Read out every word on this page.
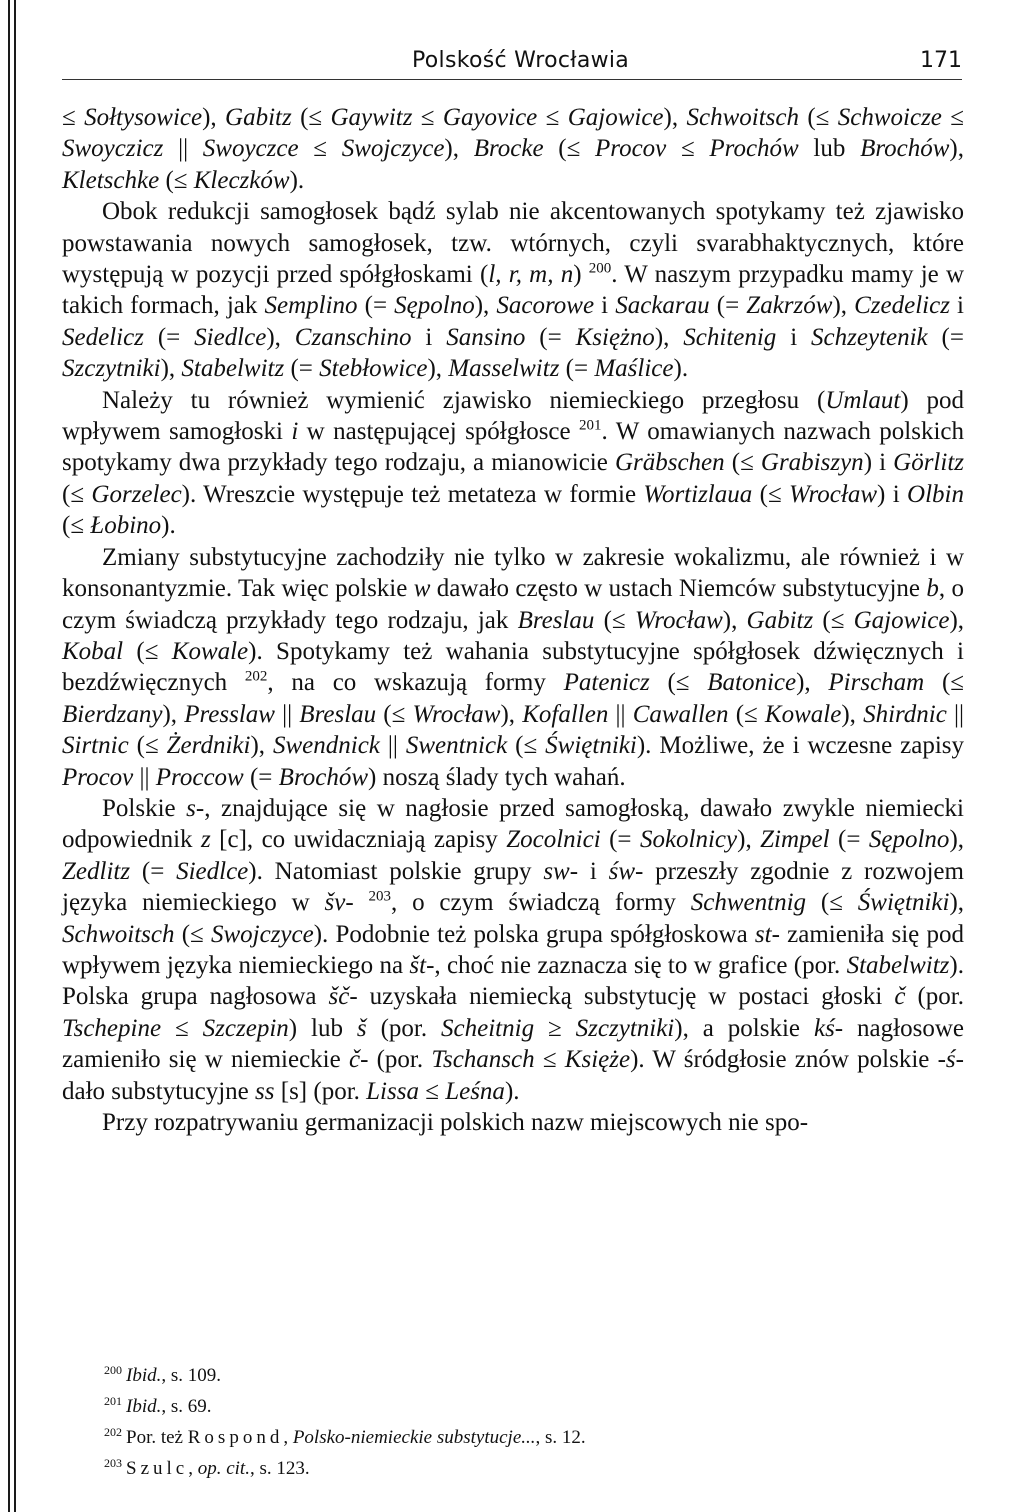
Polskość Wrocławia	171

≤ Sołtysowice), Gabitz (≤ Gaywitz ≤ Gayovice ≤ Gajowice), Schwoitsch (≤ Schwoicze ≤ Swoyczicz || Swoyczce ≤ Swojczyce), Brocke (≤ Procov ≤ Prochów lub Brochów), Kletschke (≤ Kleczków).

Obok redukcji samogłosek bądź sylab nie akcentowanych spotykamy też zjawisko powstawania nowych samogłosek, tzw. wtórnych, czyli svarabhaktycznych, które występują w pozycji przed spółgłoskami (l, r, m, n) $^{200}$. W naszym przypadku mamy je w takich formach, jak Semplino (= Sępolno), Sacorowe i Sackarau (= Zakrzów), Czedelicz i Sedelicz (= Siedlce), Czanschino i Sansino (= Księżno), Schitenig i Schzeytenik (= Szczytniki), Stabelwitz (= Stebłowice), Masselwitz (= Maślice).

Należy tu również wymienić zjawisko niemieckiego przegłosu (Umlaut) pod wpływem samogłoski i w następującej spółgłosce $^{201}$. W omawianych nazwach polskich spotykamy dwa przykłady tego rodzaju, a mianowicie Gräbschen (≤ Grabiszyn) i Görlitz (≤ Gorzelec). Wreszcie występuje też metateza w formie Wortizlaua (≤ Wrocław) i Olbin (≤ Łobino).

Zmiany substytucyjne zachodziły nie tylko w zakresie wokalizmu, ale również i w konsonantyzmie. Tak więc polskie w dawało często w ustach Niemców substytucyjne b, o czym świadczą przykłady tego rodzaju, jak Breslau (≤ Wrocław), Gabitz (≤ Gajowice), Kobal (≤ Kowale). Spotykamy też wahania substytucyjne spółgłosek dźwięcznych i bezdźwięcznych $^{202}$, na co wskazują formy Patenicz (≤ Batonice), Pirscham (≤ Bierdzany), Presslaw || Breslau (≤ Wrocław), Kofallen || Cawallen (≤ Kowale), Shirdnic || Sirtnic (≤ Żerdniki), Swendnick || Swentnick (≤ Świętniki). Możliwe, że i wczesne zapisy Procov || Proccow (= Brochów) noszą ślady tych wahań.

Polskie s-, znajdujące się w nagłosie przed samogłoską, dawało zwykle niemiecki odpowiednik z [c], co uwidaczniają zapisy Zocolnici (= Sokolnicy), Zimpel (= Sępolno), Zedlitz (= Siedlce). Natomiast polskie grupy sw- i św- przeszły zgodnie z rozwojem języka niemieckiego w šv- $^{203}$, o czym świadczą formy Schwentnig (≤ Świętniki), Schwoitsch (≤ Swojczyce). Podobnie też polska grupa spółgłoskowa st- zamieniła się pod wpływem języka niemieckiego na št-, choć nie zaznacza się to w grafice (por. Stabelwitz). Polska grupa nagłosowa šč- uzyskała niemiecką substytucję w postaci głoski č (por. Tschepine ≤ Szczepin) lub š (por. Scheitnig ≥ Szczytniki), a polskie kś- nagłosowe zamieniło się w niemieckie č- (por. Tschansch ≤ Księże). W śródgłosie znów polskie -ś- dało substytucyjne ss [s] (por. Lissa ≤ Leśna).

Przy rozpatrywaniu germanizacji polskich nazw miejscowych nie spo-

$^{200}$ Ibid., s. 109.
$^{201}$ Ibid., s. 69.
$^{202}$ Por. też Rospond, Polsko-niemieckie substytucje..., s. 12.
$^{203}$ Szulc, op. cit., s. 123.
